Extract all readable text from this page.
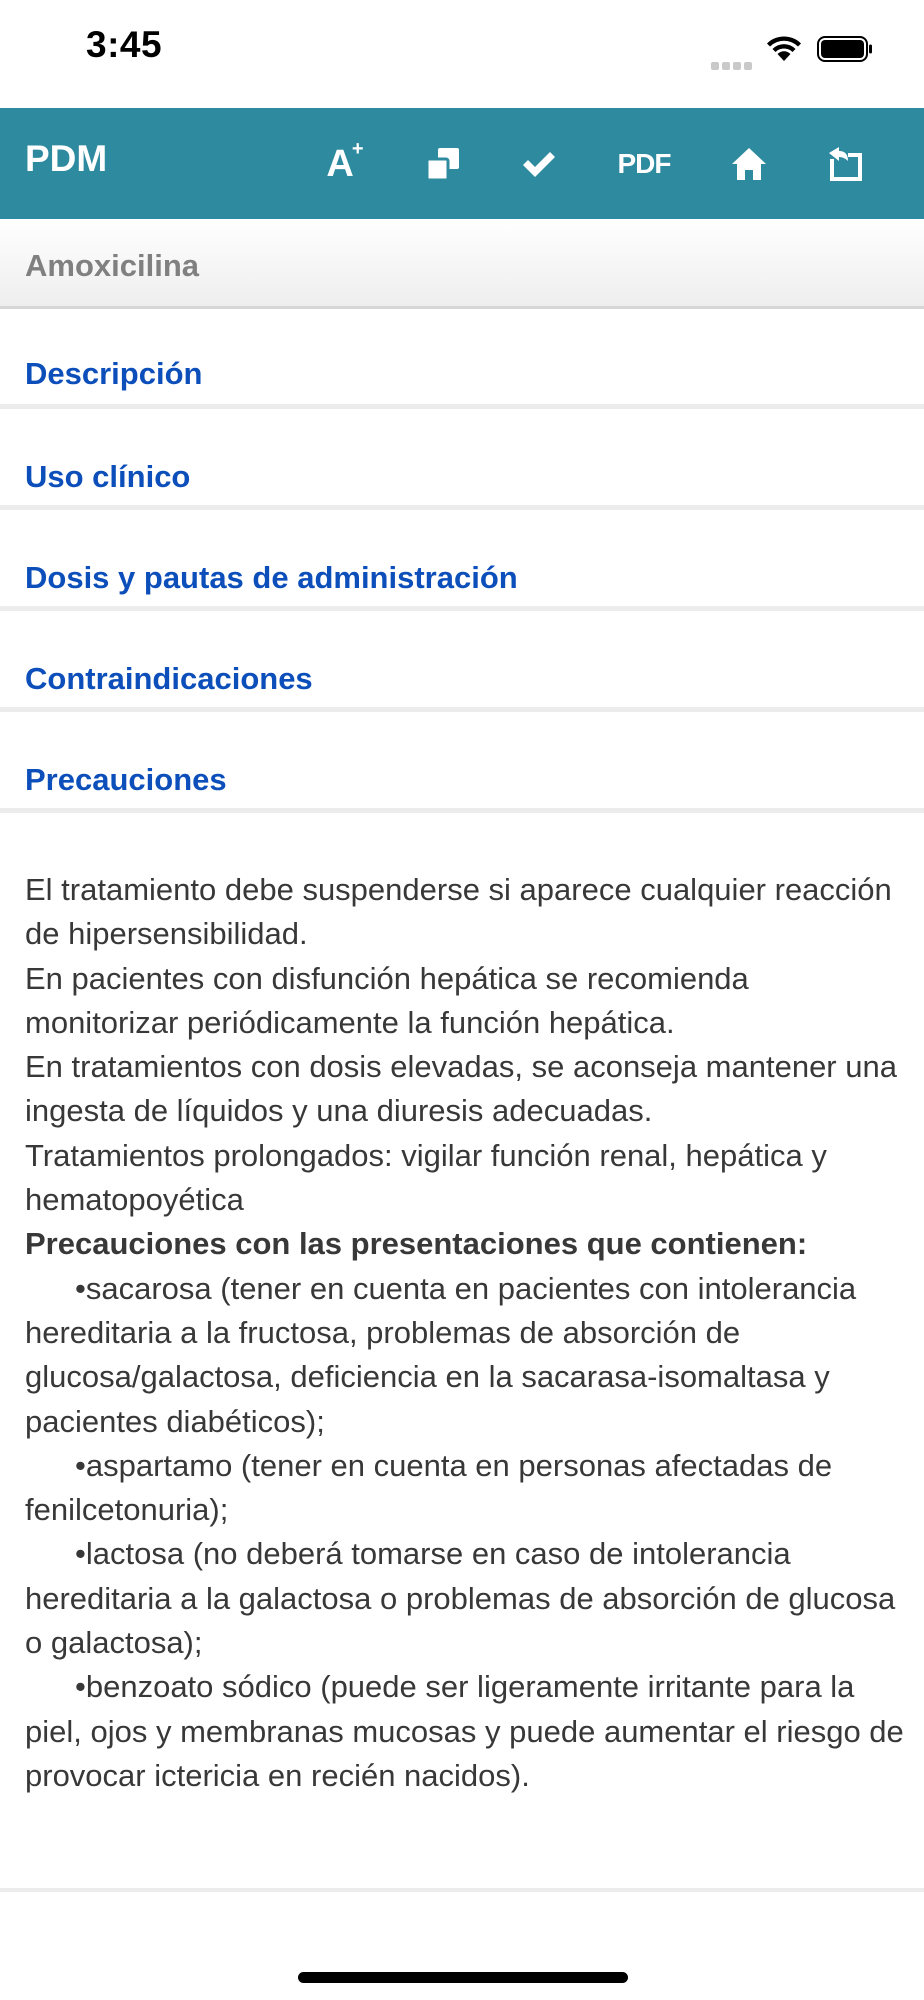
3:45
PDM	A
+	PDF
Amoxicilina
Descripción
Uso clínico
Dosis y pautas de administración
Contraindicaciones
Precauciones

El tratamiento debe suspenderse si aparece cualquier reacción de hipersensibilidad.

En pacientes con disfunción hepática se recomienda monitorizar periódicamente la función hepática.

En tratamientos con dosis elevadas, se aconseja mantener una ingesta de líquidos y una diuresis adecuadas.

Tratamientos prolongados: vigilar función renal, hepática y hematopoyética

Precauciones con las presentaciones que contienen:

•sacarosa (tener en cuenta en pacientes con intolerancia hereditaria a la fructosa, problemas de absorción de glucosa/galactosa, deficiencia en la sacarasa-isomaltasa y pacientes diabéticos);

•aspartamo (tener en cuenta en personas afectadas de fenilcetonuria);

•lactosa (no deberá tomarse en caso de intolerancia hereditaria a la galactosa o problemas de absorción de glucosa o galactosa);

•benzoato sódico (puede ser ligeramente irritante para la piel, ojos y membranas mucosas y puede aumentar el riesgo de provocar ictericia en recién nacidos).
